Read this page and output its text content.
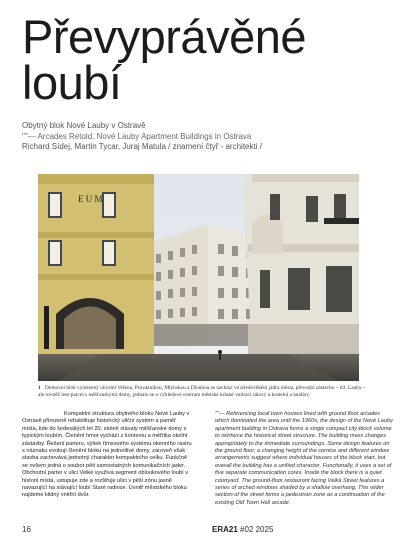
Převyprávěné
loubí
Obytný blok Nové Lauby v Ostravě
""— Arcades Retold. Nové Lauby Apartment Buildings in Ostrava
Richard Sídej, Martin Tycar, Juraj Matula / znamení čtyř - architekti /
E U M
1 Domovní blok vymezený ulicemi Velkou, Provazníkou, Mlýnskou a Dlouhou se nachází ve středověkém jádru města, převodní zástavbu – trž. Lauby – ale rovněž lese parcel s měšťanskými domy, jednalo se o výhledové centrum městské krásné vnitrací sálový a kostelní a laudáry.
Kompaktní struktura obytného bloku Nové Lauby v Ostravě přirozeně rehabilituje historický uliční systém a paměť místa, kde do šedesátých let 20. století stávaly měšťanské domy s typickým loubím. Členění hmot vychází z kontextu a měřítka okolní zástavby. Řešení parteru, výšek římsového systému okenního rastru s náznaku evokují členění bloku na jednotlivé domy, zároveň však stavba zachovává jednotný charakter kompaktního celku. Funkčně se ovšem jedná o soubor pěti samostatných komunikačních jader. Obchodní parter v ulici Velké využívá segment obloukového loubí v historii místa, ustupuje zde a rozšiřuje ulici v pěší zónu jasně navazující na stávající loubí Staré radnice. Uvnitř městského bloku najdeme klidný vnitřní dvůr.
""— Referencing local town houses lined with ground floor arcades which dominated the area until the 1960s, the design of the Nové Lauby apartment building in Ostrava forms a single compact city-block volume to reinforce the historical street structure. The building mass changes appropriately to the immediate surroundings. Some design features on the ground floor, a changing height of the cornice and different window arrangements suggest where individual houses of the block start, but overall the building has a unified character. Functionally, it uses a set of five separate communication cores. Inside the block there is a quiet courtyard. The ground-floor restaurant facing Velká Street features a series of arched windows shaded by a shallow overhang. This wider section of the street forms a pedestrian zone as a continuation of the existing Old Town Hall arcade.
16	ERA21 #02 2025
